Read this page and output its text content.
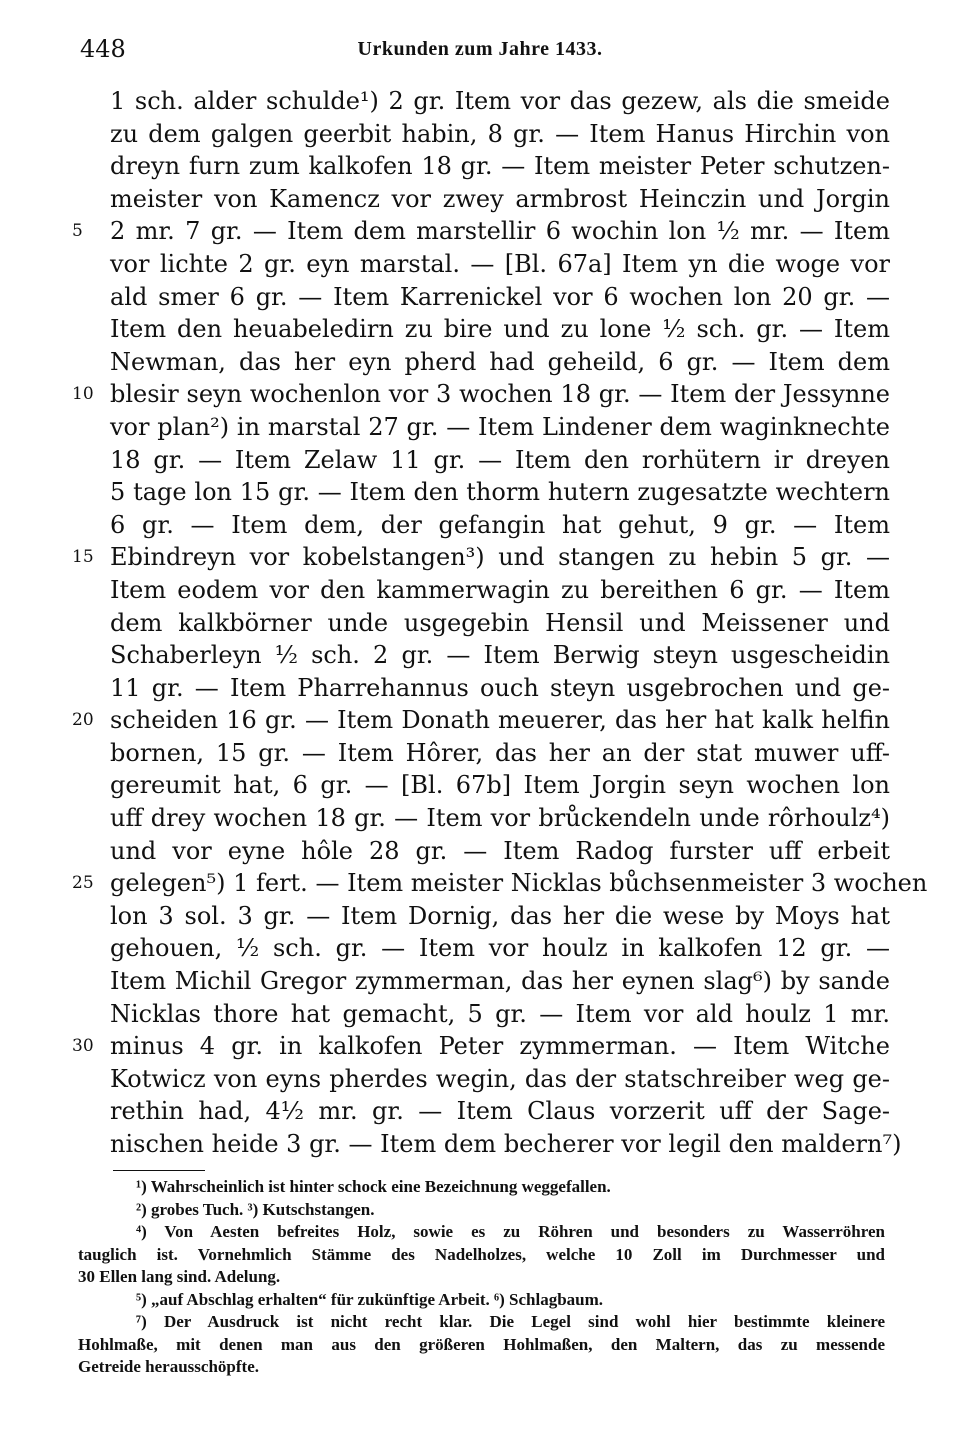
448	Urkunden zum Jahre 1433.
1 sch. alder schulde¹) 2 gr. Item vor das gezew, als die smeide
zu dem galgen geerbit habin, 8 gr. — Item Hanus Hirchin von
dreyn furn zum kalkofen 18 gr. — Item meister Peter schutzen-
meister von Kamencz vor zwey armbrost Heinczin und Jorgin
5	2 mr. 7 gr. — Item dem marstellir 6 wochin lon ½ mr. — Item
vor lichte 2 gr. eyn marstal. — [Bl. 67a] Item yn die woge vor
ald smer 6 gr. — Item Karrenickel vor 6 wochen lon 20 gr. —
Item den heuabeledirn zu bire und zu lone ½ sch. gr. — Item
Newman, das her eyn pherd had geheild, 6 gr. — Item dem
10 blesir seyn wochenlon vor 3 wochen 18 gr. — Item der Jessynne
vor plan²) in marstal 27 gr. — Item Lindener dem waginknechte
18 gr. — Item Zelaw 11 gr. — Item den rorhütern ir dreyen
5 tage lon 15 gr. — Item den thorm hutern zugesatzte wechtern
6 gr. — Item dem, der gefangin hat gehut, 9 gr. — Item
15 Ebindreyn vor kobelstangen³) und stangen zu hebin 5 gr. —
Item eodem vor den kammerwagin zu bereithen 6 gr. — Item
dem kalkbörner unde usgegebin Hensil und Meissener und
Schaberleyn ½ sch. 2 gr. — Item Berwig steyn usgescheidin
11 gr. — Item Pharrehannus ouch steyn usgebrochen und ge-
20 scheiden 16 gr. — Item Donath meuerer, das her hat kalk helfin
bornen, 15 gr. — Item Hôrer, das her an der stat muwer uff-
gereumit hat, 6 gr. — [Bl. 67b] Item Jorgin seyn wochen lon
uff drey wochen 18 gr. — Item vor brůckendeln unde rôrhoulz⁴)
und vor eyne hôle 28 gr. — Item Radog furster uff erbeit
25 gelegen⁵) 1 fert. — Item meister Nicklas bůchsenmeister 3 wochen
lon 3 sol. 3 gr. — Item Dornig, das her die wese by Moys hat
gehouen, ½ sch. gr. — Item vor houlz in kalkofen 12 gr. —
Item Michil Gregor zymmerman, das her eynen slag⁶) by sande
Nicklas thore hat gemacht, 5 gr. — Item vor ald houlz 1 mr.
30 minus 4 gr. in kalkofen Peter zymmerman. — Item Witche
Kotwicz von eyns pherdes wegin, das der statschreiber weg ge-
rethin had, 4½ mr. gr. — Item Claus vorzerit uff der Sage-
nischen heide 3 gr. — Item dem becherer vor legil den maldern⁷)
¹) Wahrscheinlich ist hinter schock eine Bezeichnung weggefallen.
²) grobes Tuch. ³) Kutschstangen.
⁴) Von Aesten befreites Holz, sowie es zu Röhren und besonders zu Wasserröhren
tauglich ist. Vornehmlich Stämme des Nadelholzes, welche 10 Zoll im Durchmesser und
30 Ellen lang sind. Adelung.
⁵) „auf Abschlag erhalten“ für zukünftige Arbeit. ⁶) Schlagbaum.
⁷) Der Ausdruck ist nicht recht klar. Die Legel sind wohl hier bestimmte kleinere
Hohlmaße, mit denen man aus den größeren Hohlmaßen, den Maltern, das zu messende
Getreide herausschöpfte.
